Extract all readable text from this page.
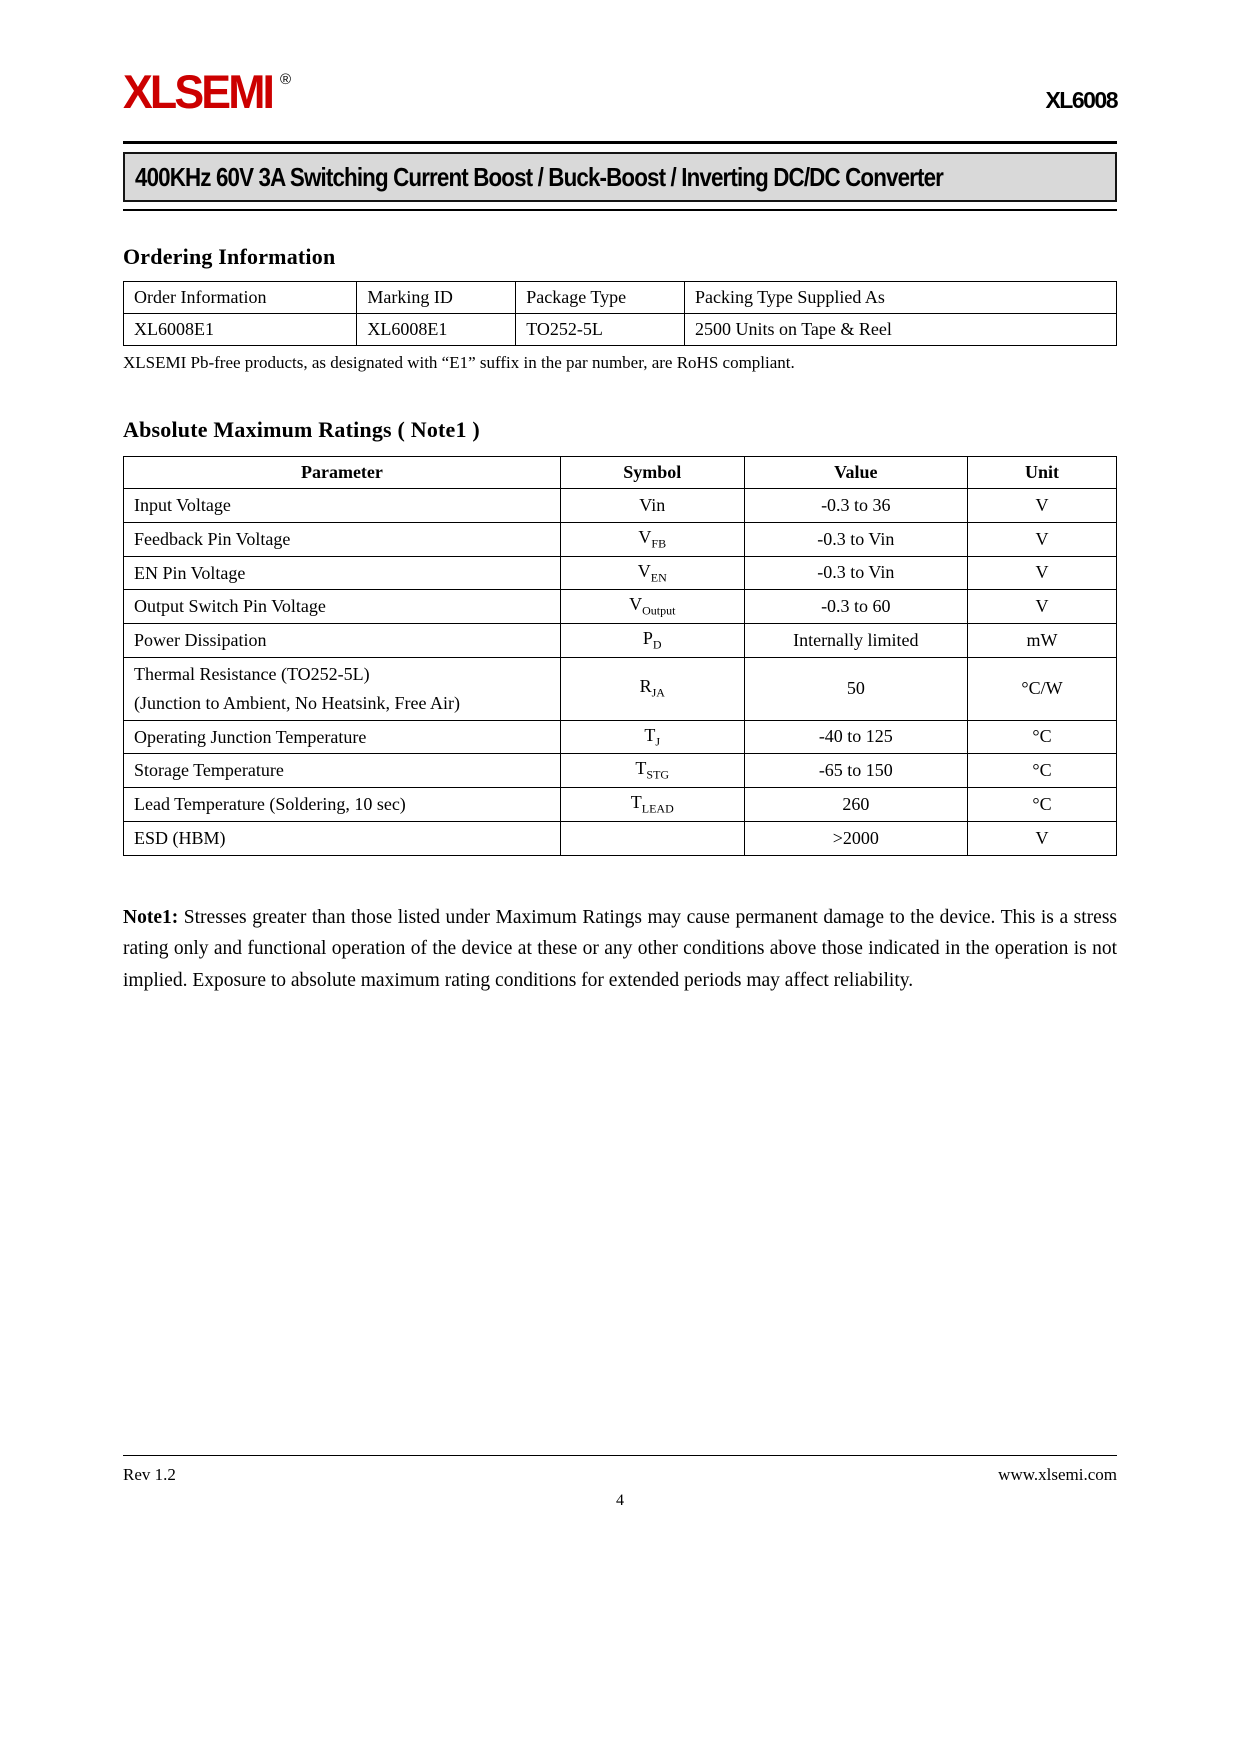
XLSEMI ®
XL6008
400KHz 60V 3A Switching Current Boost / Buck-Boost / Inverting DC/DC Converter
Ordering Information
Order Information	Marking ID	Package Type	Packing Type Supplied As
XL6008E1	XL6008E1	TO252-5L	2500 Units on Tape & Reel

XLSEMI Pb-free products, as designated with “E1” suffix in the par number, are RoHS compliant.

Absolute Maximum Ratings ( Note1 )
Parameter	Symbol	Value	Unit
Input Voltage	Vin	-0.3 to 36	V
Feedback Pin Voltage	$V_{FB}$	-0.3 to Vin	V
EN Pin Voltage	$V_{EN}$	-0.3 to Vin	V
Output Switch Pin Voltage	$V_{Output}$	-0.3 to 60	V
Power Dissipation	$P_D$	Internally limited	mW
Thermal Resistance (TO252-5L)
(Junction to Ambient, No Heatsink, Free Air)	$R_{JA}$	50	°C/W
Operating Junction Temperature	$T_J$	-40 to 125	°C
Storage Temperature	$T_{STG}$	-65 to 150	°C
Lead Temperature (Soldering, 10 sec)	$T_{LEAD}$	260	°C
ESD (HBM)		>2000	V

Note1: Stresses greater than those listed under Maximum Ratings may cause permanent damage to the device. This is a stress rating only and functional operation of the device at these or any other conditions above those indicated in the operation is not implied. Exposure to absolute maximum rating conditions for extended periods may affect reliability.

Rev 1.2	www.xlsemi.com
4
